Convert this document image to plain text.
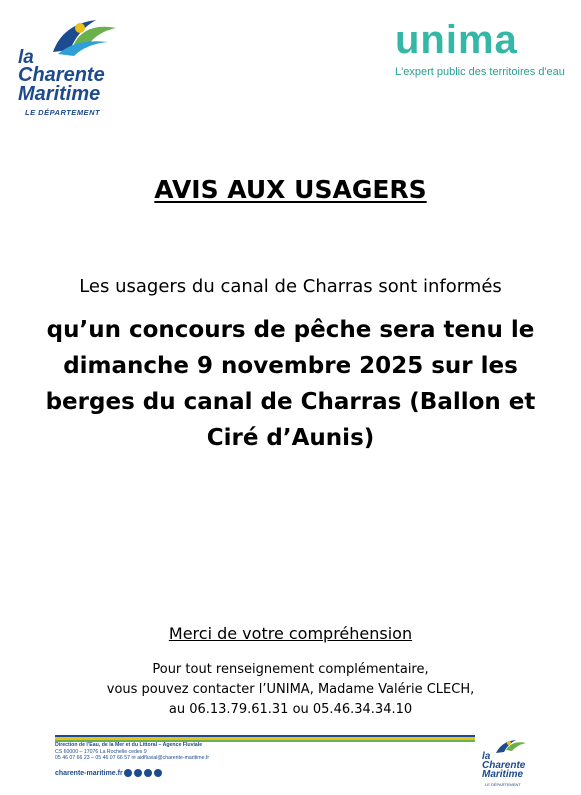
la
Charente
Maritime
LE DÉPARTEMENT
unima
L'expert public des territoires d'eau
AVIS AUX USAGERS
Les usagers du canal de Charras sont informés
qu’un concours de pêche sera tenu le
dimanche 9 novembre 2025 sur les
berges du canal de Charras (Ballon et
Ciré d’Aunis)
Merci de votre compréhension
Pour tout renseignement complémentaire,
vous pouvez contacter l’UNIMA, Madame Valérie CLECH,
au 06.13.79.61.31 ou 05.46.34.34.10
Direction de l’Eau, de la Mer et du Littoral – Agence Fluviale
CS 60000 – 17076 La Rochelle cedex 9
05 46 07 66 23 – 05 46 07 66 57 ✉ aidfluvial@charente-maritime.fr
charente-maritime.fr
la
Charente
Maritime
LE DÉPARTEMENT
